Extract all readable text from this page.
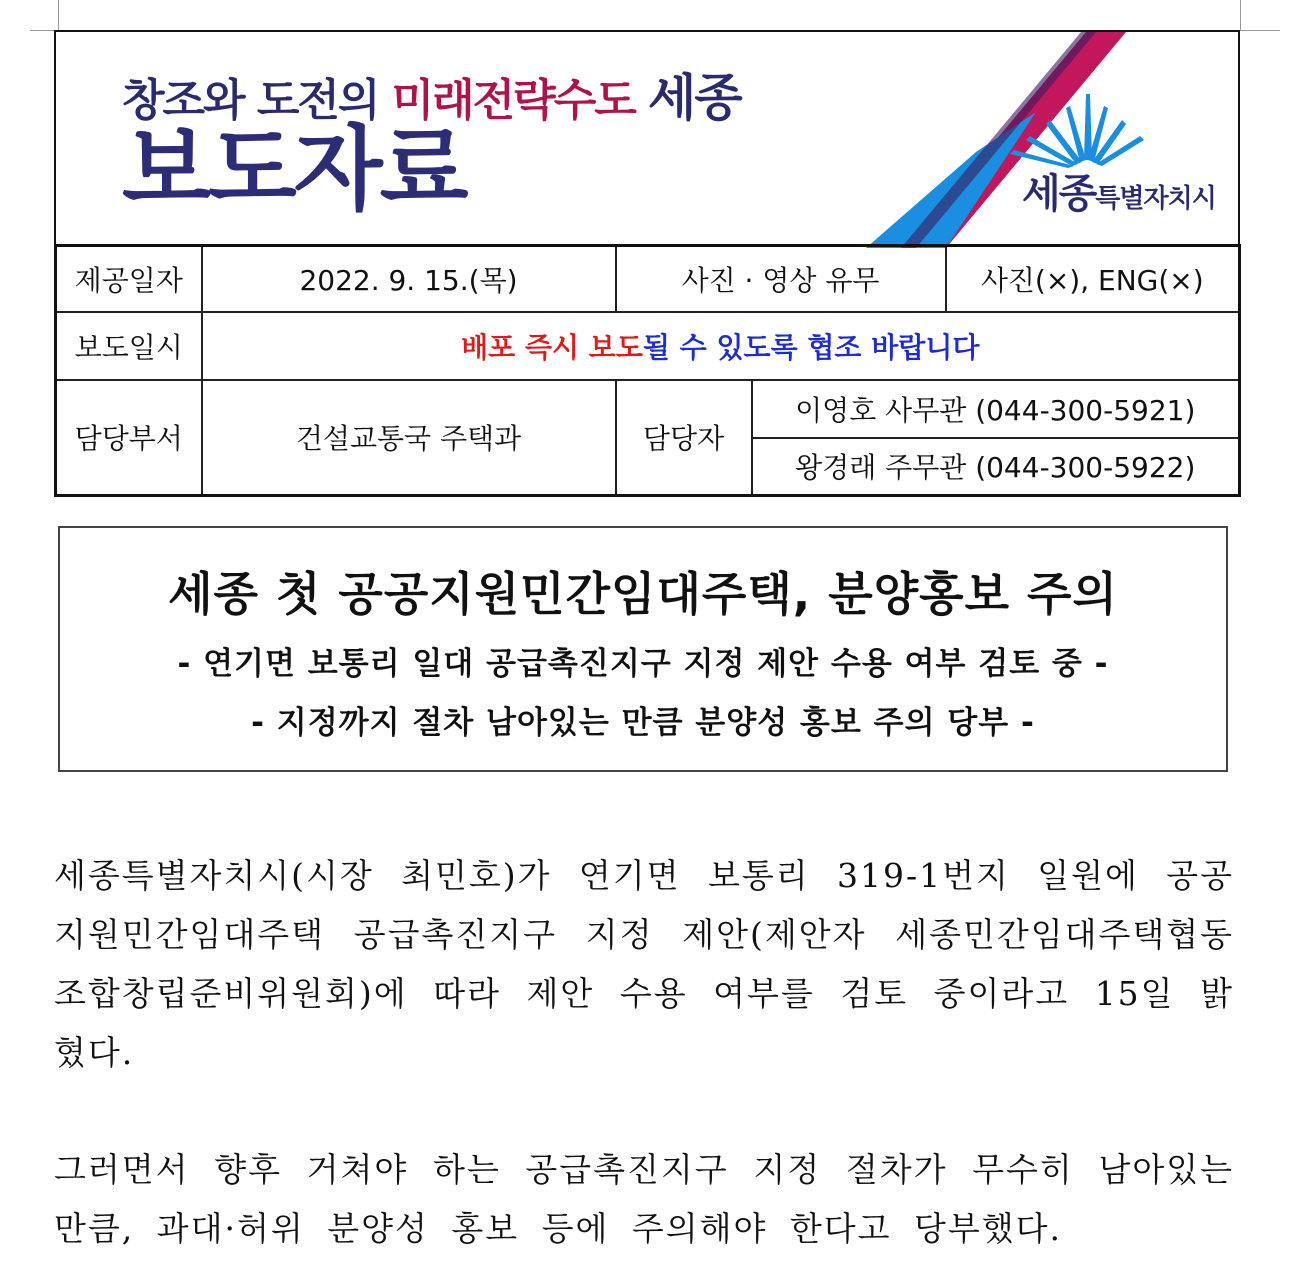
창조와 도전의 미래전략수도 세종
보도자료	세종특별자치시
제공일자	2022. 9. 15.(목)	사진 · 영상 유무		사진(×), ENG(×)
보도일시	배포 즉시 보도될 수 있도록 협조 바랍니다			
담당부서	건설교통국 주택과	담당자	이영호 사무관 (044-300-5921)	
			왕경래 주무관 (044-300-5922)	
세종 첫 공공지원민간임대주택, 분양홍보 주의
- 연기면 보통리 일대 공급촉진지구 지정 제안 수용 여부 검토 중 -
- 지정까지 절차 남아있는 만큼 분양성 홍보 주의 당부 -
세종특별자치시(시장 최민호)가 연기면 보통리 319-1번지 일원에 공공지원민간임대주택 공급촉진지구 지정 제안(제안자 세종민간임대주택협동조합창립준비위원회)에 따라 제안 수용 여부를 검토 중이라고 15일 밝혔다.
그러면서 향후 거쳐야 하는 공급촉진지구 지정 절차가 무수히 남아있는 만큼, 과대·허위 분양성 홍보 등에 주의해야 한다고 당부했다.
